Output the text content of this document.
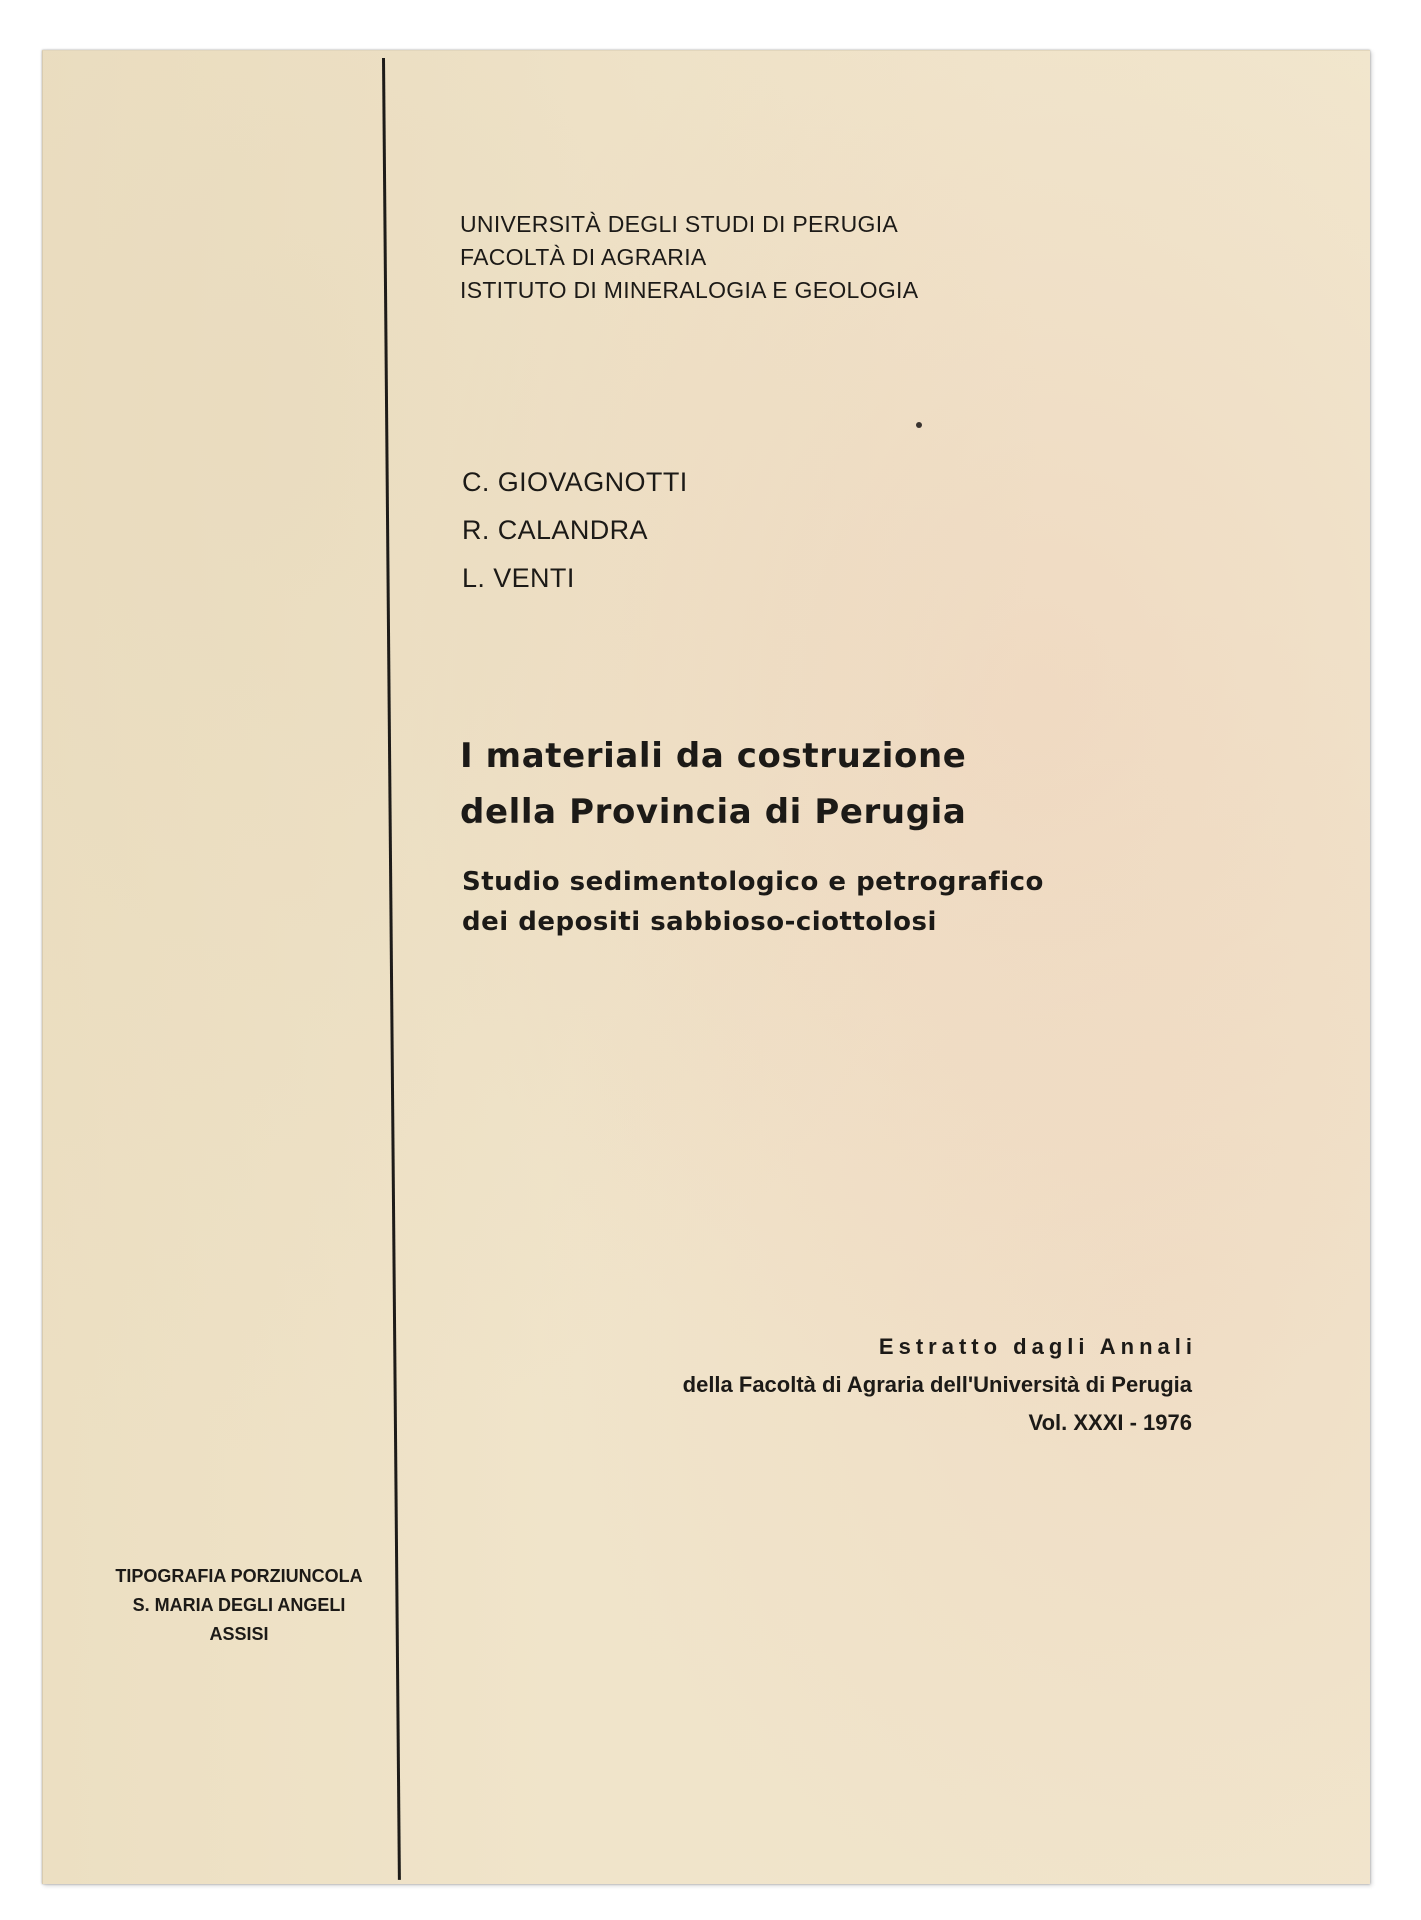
UNIVERSITÀ DEGLI STUDI DI PERUGIA
FACOLTÀ DI AGRARIA
ISTITUTO DI MINERALOGIA E GEOLOGIA
C. GIOVAGNOTTI
R. CALANDRA
L. VENTI
I materiali da costruzione
della Provincia di Perugia
Studio sedimentologico e petrografico
dei depositi sabbioso-ciottolosi
Estratto dagli Annali
della Facoltà di Agraria dell'Università di Perugia
Vol. XXXI - 1976
TIPOGRAFIA PORZIUNCOLA
S. MARIA DEGLI ANGELI
ASSISI
